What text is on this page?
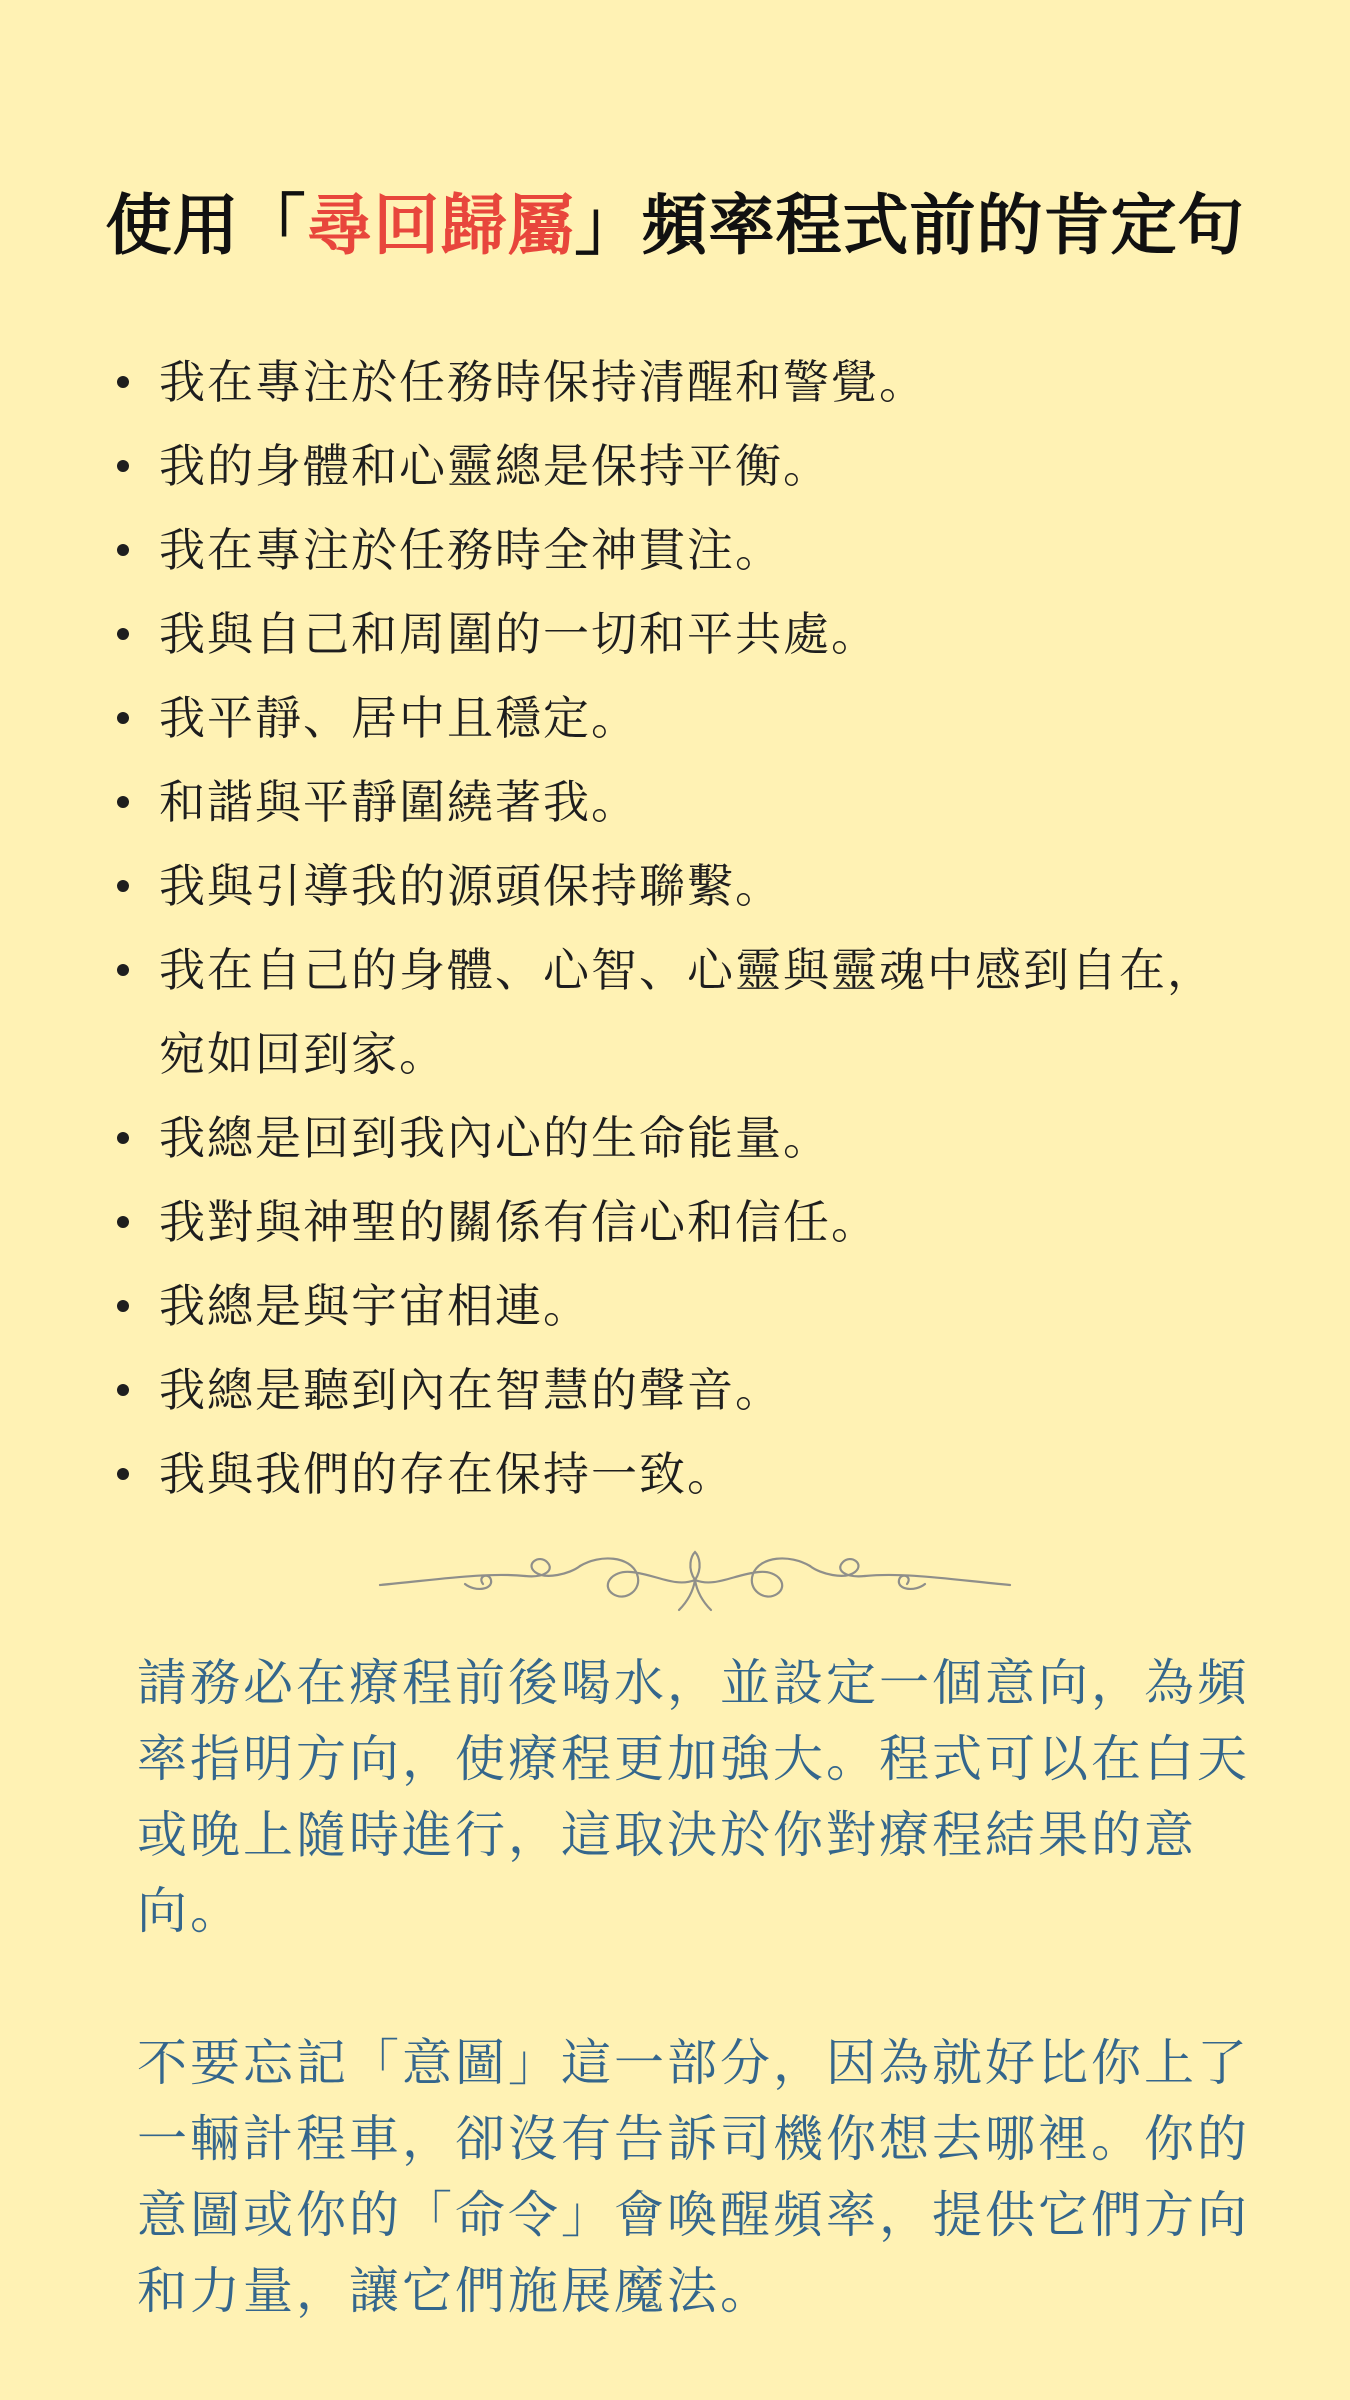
使用「尋回歸屬」頻率程式前的肯定句
我在專注於任務時保持清醒和警覺。
我的身體和心靈總是保持平衡。
我在專注於任務時全神貫注。
我與自己和周圍的一切和平共處。
我平靜、居中且穩定。
和諧與平靜圍繞著我。
我與引導我的源頭保持聯繫。
我在自己的身體、心智、心靈與靈魂中感到自在，宛如回到家。
我總是回到我內心的生命能量。
我對與神聖的關係有信心和信任。
我總是與宇宙相連。
我總是聽到內在智慧的聲音。
我與我們的存在保持一致。

請務必在療程前後喝水，並設定一個意向，為頻率指明方向，使療程更加強大。程式可以在白天或晚上隨時進行，這取決於你對療程結果的意向。

不要忘記「意圖」這一部分，因為就好比你上了一輛計程車，卻沒有告訴司機你想去哪裡。你的意圖或你的「命令」會喚醒頻率，提供它們方向和力量，讓它們施展魔法。
